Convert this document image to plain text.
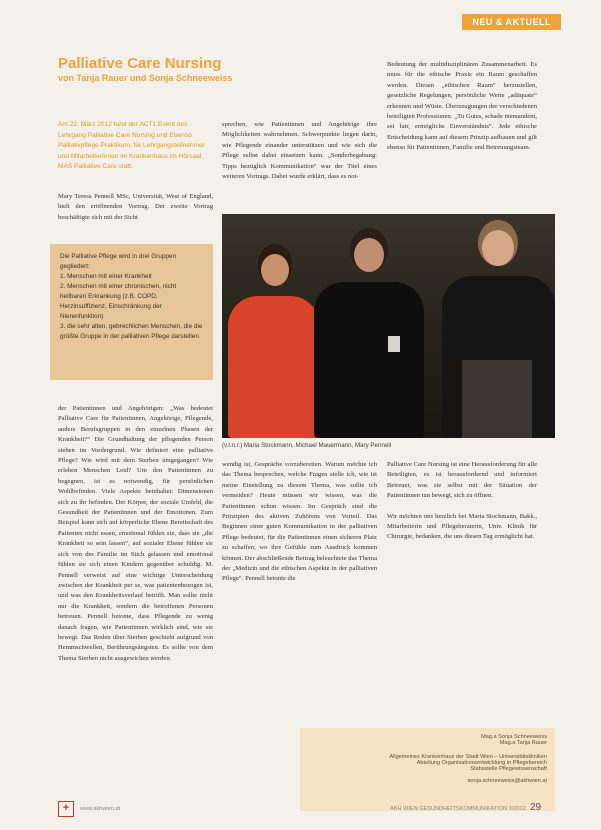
NEU & AKTUELL
Palliative Care Nursing
von Tanja Rauer und Sonja Schneeweiss
Am 22. März 2012 fand der ACT1 Event des Lehrgang Palliative Care Nursing und Ebenso Palliativpflege Praktikum, für Lehrgangsteilnehmer und MitarbeiterInnen im Krankenhaus im Hörsaal, MAS Palliative Care statt.

Mary Teresa Pennell MSc, Universität, West of England, hielt den eröffnenden Vortrag. Der zweite Vortrag beschäftigte sich mit der Sicht

sprechen, wie Patientinnen und Angehörige ihre Möglichkeiten wahrnehmen. Schwerpunkte liegen darin, wie Pflegende einander unterstützen und wie sich die Pflege selbst dabei einsetzen kann. „Sonderbegabung: Tipps bezüglich Kommunikation“ war der Titel eines weiteren Vortrags. Dabei wurde erklärt, dass es not-

Bedeutung der multidisziplinären Zusammenarbeit. Es muss für die ethische Praxis ein Raum geschaffen werden. Diesen „ethischen Raum“ herzustellen, gesetzliche Regelungen, persönliche Werte „adäquate“ erkennen und Wüste. Überzeugungen der verschiedenen beteiligten Professionen. „Tu Gutes, schade niemandem, sei fair, ermögliche Einverständnis“. Jede ethische Entscheidung kann auf diesem Prinzip aufbauen und gilt ebenso für Patientinnen, Familie und Betreuungsteam.

Die Palliative Pflege wird in drei Gruppen gegliedert:

1. Menschen mit einer Krankheit

2. Menschen mit einer chronischen, nicht heilbaren Erkrankung (z.B. COPD, Herzinsuffizienz, Einschränkung der Nierenfunktion)

3. die sehr alten, gebrechlichen Menschen, die die größte Gruppe in der palliativen Pflege darstellen

(v.l.n.r.) Maria Stockmann, Michael Mauermann, Mary Pennell

der Patientinnen und Angehörigen: „Was bedeutet Palliative Care für Patientinnen, Angehörige, Pflegende, andere Berufsgruppen in den einzelnen Phasen der Krankheit?“ Die Grundhaltung der pflegenden Person stehen im Vordergrund. Wie definiert eine palliative Pflege? Wie wird mit dem Sterben umgegangen? Wie erleben Menschen Leid? Um den Patientinnen zu begegnen, ist es notwendig, für persönlichen Wohlbefinden. Viele Aspekte beinhaltet: Dimensionen sich zu ihr befinden. Der Körper, der soziale Umfeld, die Gesundheit der Patientinnen und der Emotionen. Zum Beispiel kann sich auf körperliche Ebene Bereitschaft des Patienten nicht essen, emotional fühlen sie, dass sie „die Krankheit so sein lassen“, auf sozialer Ebene fühlen sie sich von der Familie im Stich gelassen und emotional fühlen sie sich einen Kindern gegenüber schuldig. M. Pennell verweist auf eine wichtige Unterscheidung zwischen der Krankheit per se, was patientenbezogen ist, und was den Krankheitsverlauf betrifft. Man sollte nicht nur die Krankheit, sondern die betroffenen Personen betreuen. Pennell betonte, dass Pflegende zu wenig danach fragen, wie Patientinnen wirklich sind, wie sie bewegt. Das Reden über Sterben geschieht aufgrund von Hemmschwellen, Berührungsängsten. Es sollte von dem Thema Sterben nicht ausgewichen werden.

wendig ist, Gespräche vorzubereiten. Warum möchte ich das Thema besprechen, welche Fragen stelle ich, wie ist meine Einstellung zu diesem Thema, was sollte ich vermeiden? Heute müssen wir wissen, was die Patientinnen schon wissen. Im Gespräch sind die Prinzipien des aktiven Zuhörens von Vorteil. Das Beginnen einer guten Kommunikation in der palliativen Pflege bedeutet, für die Patientinnen einen sicheren Platz zu schaffen, wo ihre Gefühle zum Ausdruck kommen können. Der abschließende Beitrag beleuchtete das Thema der „Medizin und die ethischen Aspekte in der palliativen Pflege“. Pennell betonte die

Palliative Care Nursing ist eine Herausforderung für alle Beteiligten, es ist herausfordernd und informiert Betreuer, was sie selbst mit der Situation der Patientinnen tun bewegt, sich zu öffnen.

Wir möchten uns herzlich bei Maria Stockmann, Bakk., Mitarbeiterin und Pflegeberaterin, Univ. Klinik für Chirurgie, bedanken, die uns diesen Tag ermöglicht hat.

Mag.a Sonja Schneeweiss
Mag.a Tanja Rauer
Allgemeines Krankenhaus der Stadt Wien – Universitätskliniken
Abteilung Organisationsentwicklung in Pflegebereich
Stabsstelle Pflegewissenschaft
sonja.schneeweiss@akhwien.at
+	www.akhwien.at	AKH WIEN GESUNDHEITSKOMMUNIKATION 3/2012 29
